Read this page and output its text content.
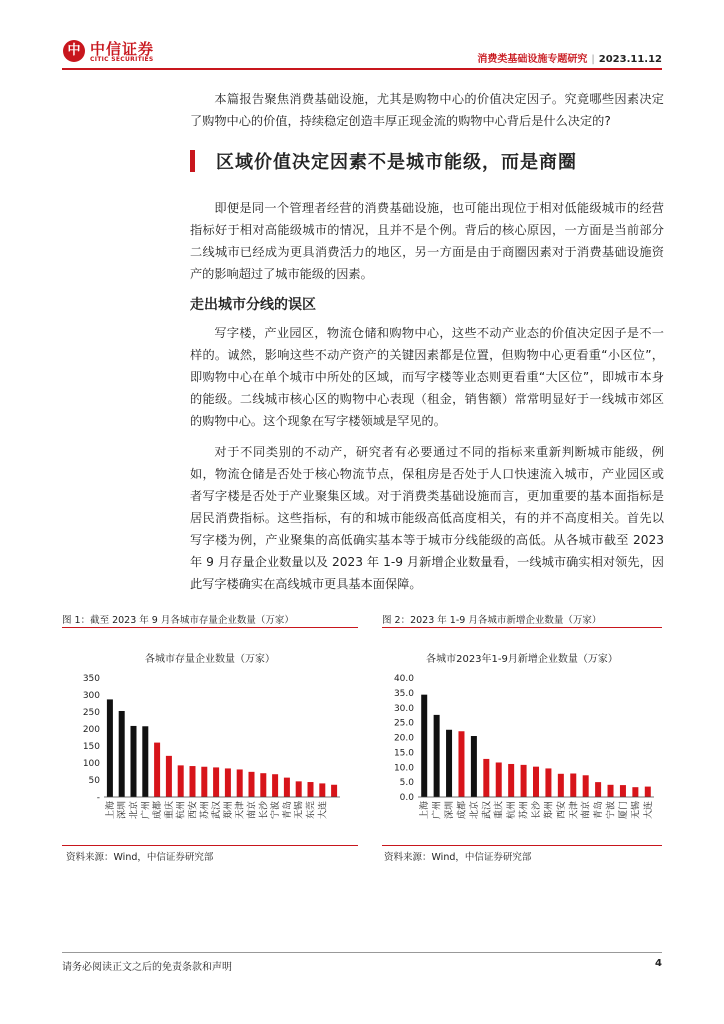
中 中信证券
CITIC SECURITIES	消费类基础设施专题研究 | 2023.11.12

本篇报告聚焦消费基础设施，尤其是购物中心的价值决定因子。究竟哪些因素决定了购物中心的价值，持续稳定创造丰厚正现金流的购物中心背后是什么决定的?

区域价值决定因素不是城市能级，而是商圈

即便是同一个管理者经营的消费基础设施，也可能出现位于相对低能级城市的经营指标好于相对高能级城市的情况，且并不是个例。背后的核心原因，一方面是当前部分二线城市已经成为更具消费活力的地区，另一方面是由于商圈因素对于消费基础设施资产的影响超过了城市能级的因素。

走出城市分线的误区

写字楼，产业园区，物流仓储和购物中心，这些不动产业态的价值决定因子是不一样的。诚然，影响这些不动产资产的关键因素都是位置，但购物中心更看重“小区位”，即购物中心在单个城市中所处的区域，而写字楼等业态则更看重“大区位”，即城市本身的能级。二线城市核心区的购物中心表现（租金，销售额）常常明显好于一线城市郊区的购物中心。这个现象在写字楼领域是罕见的。

对于不同类别的不动产，研究者有必要通过不同的指标来重新判断城市能级，例如，物流仓储是否处于核心物流节点，保租房是否处于人口快速流入城市，产业园区或者写字楼是否处于产业聚集区域。对于消费类基础设施而言，更加重要的基本面指标是居民消费指标。这些指标，有的和城市能级高低高度相关，有的并不高度相关。首先以写字楼为例，产业聚集的高低确实基本等于城市分线能级的高低。从各城市截至 2023 年 9 月存量企业数量以及 2023 年 1-9 月新增企业数量看，一线城市确实相对领先，因此写字楼确实在高线城市更具基本面保障。

图 1：截至 2023 年 9 月各城市存量企业数量（万家）
各城市存量企业数量（万家）
350
300
250
200
150
100
50
-
上海 深圳 北京 广州 成都 重庆 杭州 西安 苏州 武汉 郑州 天津 南京 长沙 宁波 青岛 无锡 东莞 大连
资料来源：Wind，中信证券研究部
图 2：2023 年 1-9 月各城市新增企业数量（万家）
各城市2023年1-9月新增企业数量（万家）
40.0
35.0
30.0
25.0
20.0
15.0
10.0
5.0
0.0
上海 广州 深圳 成都 北京 武汉 重庆 杭州 苏州 长沙 郑州 西安 天津 南京 青岛 宁波 厦门 无锡 大连
资料来源：Wind，中信证券研究部
请务必阅读正文之后的免责条款和声明	4
